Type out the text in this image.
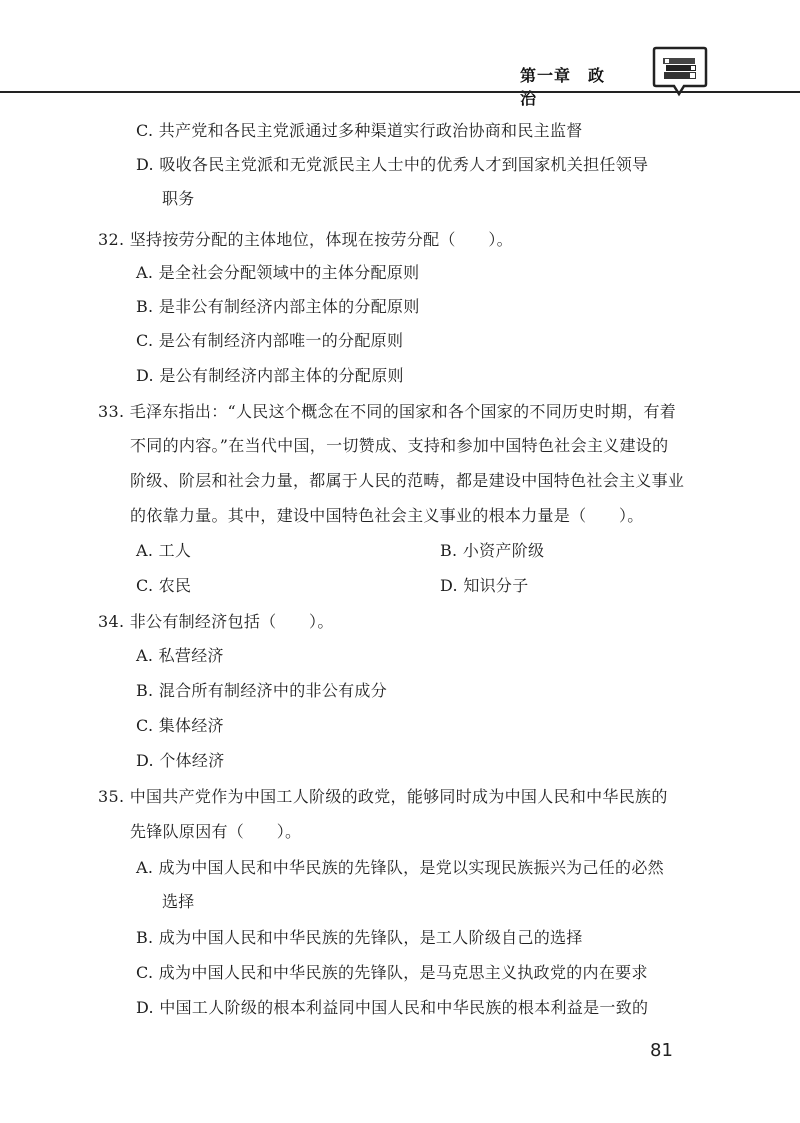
第一章　政治
C. 共产党和各民主党派通过多种渠道实行政治协商和民主监督
D. 吸收各民主党派和无党派民主人士中的优秀人才到国家机关担任领导
职务
32. 坚持按劳分配的主体地位，体现在按劳分配（　　）。
A. 是全社会分配领域中的主体分配原则
B. 是非公有制经济内部主体的分配原则
C. 是公有制经济内部唯一的分配原则
D. 是公有制经济内部主体的分配原则
33. 毛泽东指出：“人民这个概念在不同的国家和各个国家的不同历史时期，有着
不同的内容。”在当代中国，一切赞成、支持和参加中国特色社会主义建设的
阶级、阶层和社会力量，都属于人民的范畴，都是建设中国特色社会主义事业
的依靠力量。其中，建设中国特色社会主义事业的根本力量是（　　）。
A. 工人	B. 小资产阶级
C. 农民	D. 知识分子
34. 非公有制经济包括（　　）。
A. 私营经济
B. 混合所有制经济中的非公有成分
C. 集体经济
D. 个体经济
35. 中国共产党作为中国工人阶级的政党，能够同时成为中国人民和中华民族的
先锋队原因有（　　）。
A. 成为中国人民和中华民族的先锋队，是党以实现民族振兴为己任的必然
选择
B. 成为中国人民和中华民族的先锋队，是工人阶级自己的选择
C. 成为中国人民和中华民族的先锋队，是马克思主义执政党的内在要求
D. 中国工人阶级的根本利益同中国人民和中华民族的根本利益是一致的
81
